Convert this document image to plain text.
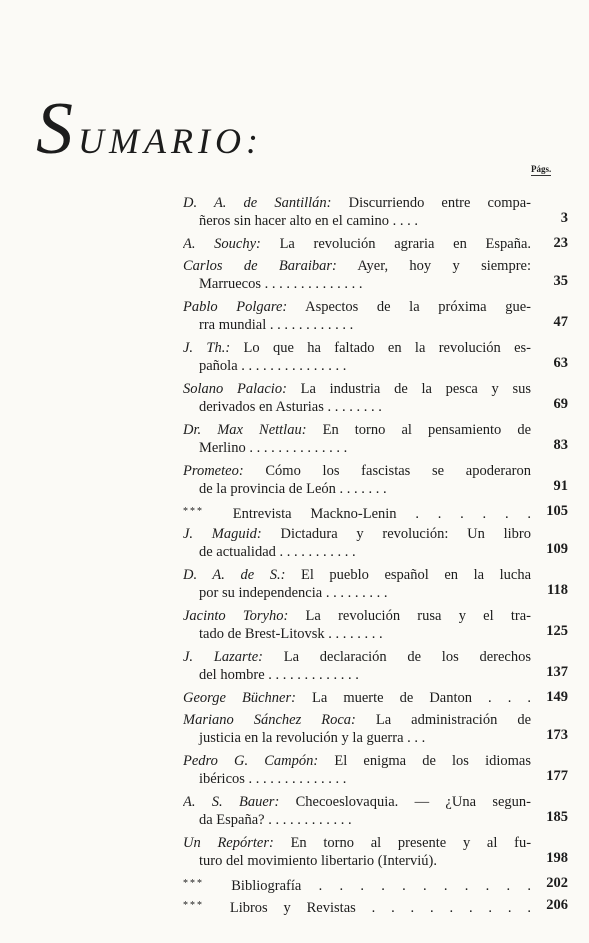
SUMARIO:
Págs.
D. A. de Santillán: Discurriendo entre compa-
ñeros sin hacer alto en el camino . . . .	3
A. Souchy: La revolución agraria en España. 23
Carlos de Baraibar: Ayer, hoy y siempre:
Marruecos . . . . . . . . . . . . . .	35
Pablo Polgare: Aspectos de la próxima gue-
rra mundial . . . . . . . . . . . .	47
J. Th.: Lo que ha faltado en la revolución es-
pañola . . . . . . . . . . . . . . .	63
Solano Palacio: La industria de la pesca y sus
derivados en Asturias . . . . . . . .	69
Dr. Max Nettlau: En torno al pensamiento de
Merlino . . . . . . . . . . . . . .	83
Prometeo: Cómo los fascistas se apoderaron
de la provincia de León . . . . . . .	91
*** Entrevista Mackno-Lenin . . . . . . 105
J. Maguid: Dictadura y revolución: Un libro
de actualidad . . . . . . . . . . .	109
D. A. de S.: El pueblo español en la lucha
por su independencia . . . . . . . . .	118
Jacinto Toryho: La revolución rusa y el tra-
tado de Brest-Litovsk . . . . . . . .	125
J. Lazarte: La declaración de los derechos
del hombre . . . . . . . . . . . . .	137
George Büchner: La muerte de Danton . . . 149
Mariano Sánchez Roca: La administración de
justicia en la revolución y la guerra . . .	173
Pedro G. Campón: El enigma de los idiomas
ibéricos . . . . . . . . . . . . . .	177
A. S. Bauer: Checoeslovaquia. — ¿Una segun-
da España? . . . . . . . . . . . .	185
Un Repórter: En torno al presente y al fu-
turo del movimiento libertario (Interviú).	198
*** Bibliografía . . . . . . . . . . . 202
*** Libros y Revistas . . . . . . . . . 206
